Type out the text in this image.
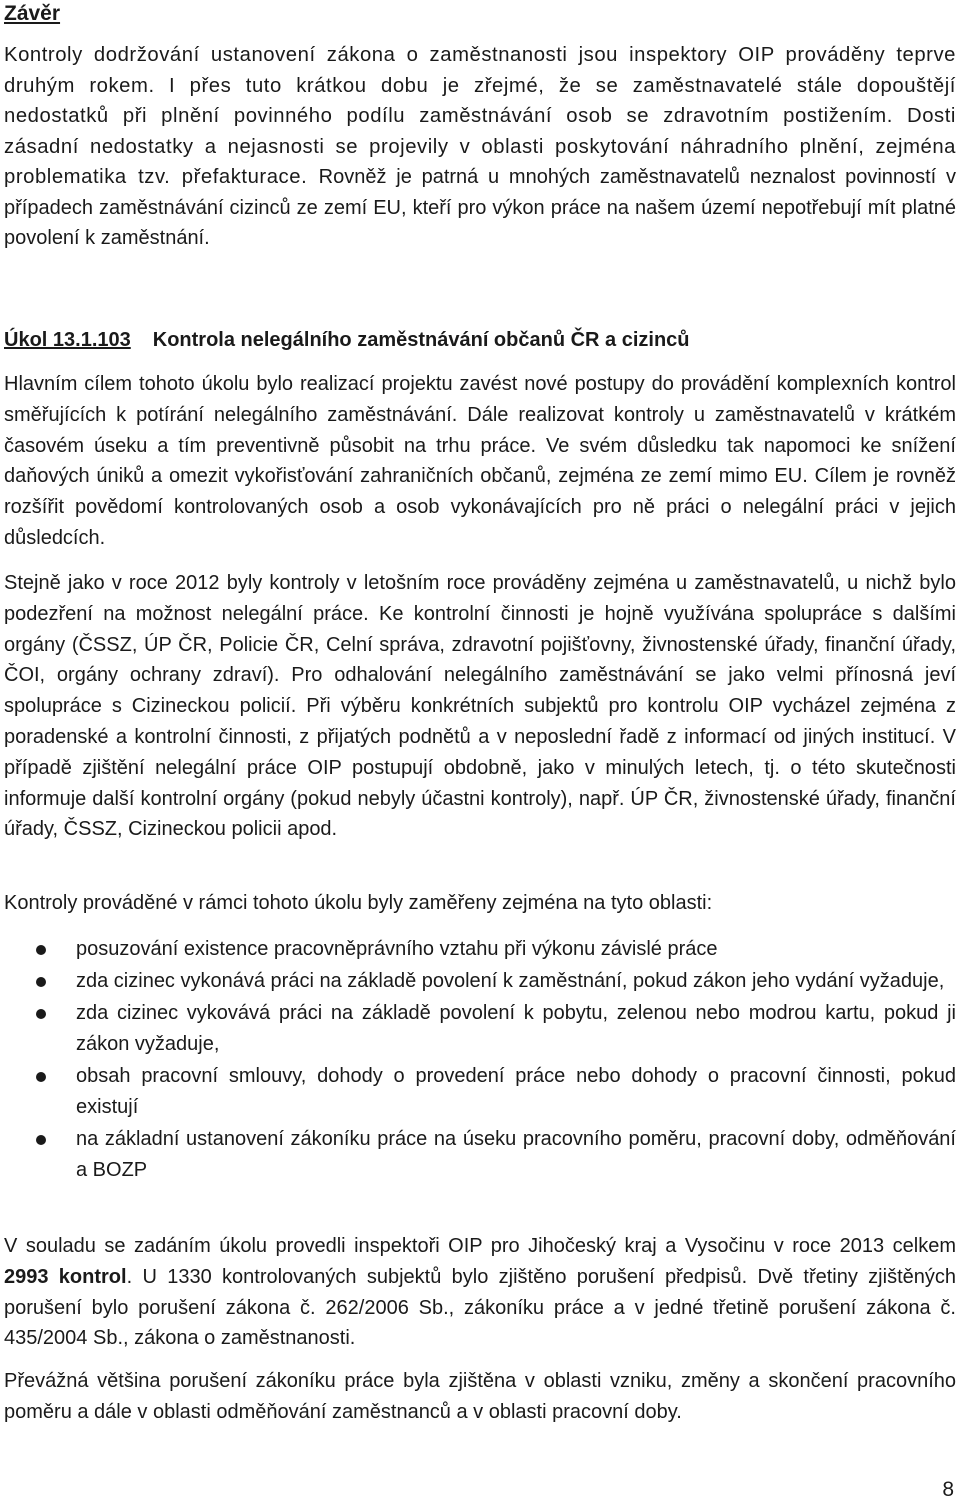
Závěr

Kontroly dodržování ustanovení zákona o zaměstnanosti jsou inspektory OIP prováděny teprve druhým rokem. I přes tuto krátkou dobu je zřejmé, že se zaměstnavatelé stále dopouštějí nedostatků při plnění povinného podílu zaměstnávání osob se zdravotním postižením. Dosti zásadní nedostatky a nejasnosti se projevily v oblasti poskytování náhradního plnění, zejména problematika tzv. přefakturace. Rovněž je patrná u mnohých zaměstnavatelů neznalost povinností v případech zaměstnávání cizinců ze zemí EU, kteří pro výkon práce na našem území nepotřebují mít platné povolení k zaměstnání.

Úkol 13.1.103 Kontrola nelegálního zaměstnávání občanů ČR a cizinců

Hlavním cílem tohoto úkolu bylo realizací projektu zavést nové postupy do provádění komplexních kontrol směřujících k potírání nelegálního zaměstnávání. Dále realizovat kontroly u zaměstnavatelů v krátkém časovém úseku a tím preventivně působit na trhu práce. Ve svém důsledku tak napomoci ke snížení daňových úniků a omezit vykořisťování zahraničních občanů, zejména ze zemí mimo EU. Cílem je rovněž rozšířit povědomí kontrolovaných osob a osob vykonávajících pro ně práci o nelegální práci v jejich důsledcích.

Stejně jako v roce 2012 byly kontroly v letošním roce prováděny zejména u zaměstnavatelů, u nichž bylo podezření na možnost nelegální práce. Ke kontrolní činnosti je hojně využívána spolupráce s dalšími orgány (ČSSZ, ÚP ČR, Policie ČR, Celní správa, zdravotní pojišťovny, živnostenské úřady, finanční úřady, ČOI, orgány ochrany zdraví). Pro odhalování nelegálního zaměstnávání se jako velmi přínosná jeví spolupráce s Cizineckou policií. Při výběru konkrétních subjektů pro kontrolu OIP vycházel zejména z poradenské a kontrolní činnosti, z přijatých podnětů a v neposlední řadě z informací od jiných institucí. V případě zjištění nelegální práce OIP postupují obdobně, jako v minulých letech, tj. o této skutečnosti informuje další kontrolní orgány (pokud nebyly účastni kontroly), např. ÚP ČR, živnostenské úřady, finanční úřady, ČSSZ, Cizineckou policii apod.

Kontroly prováděné v rámci tohoto úkolu byly zaměřeny zejména na tyto oblasti:

posuzování existence pracovněprávního vztahu při výkonu závislé práce
zda cizinec vykonává práci na základě povolení k zaměstnání, pokud zákon jeho vydání vyžaduje,
zda cizinec vykovává práci na základě povolení k pobytu, zelenou nebo modrou kartu, pokud ji zákon vyžaduje,
obsah pracovní smlouvy, dohody o provedení práce nebo dohody o pracovní činnosti, pokud existují
na základní ustanovení zákoníku práce na úseku pracovního poměru, pracovní doby, odměňování a BOZP

V souladu se zadáním úkolu provedli inspektoři OIP pro Jihočeský kraj a Vysočinu v roce 2013 celkem 2993 kontrol. U 1330 kontrolovaných subjektů bylo zjištěno porušení předpisů. Dvě třetiny zjištěných porušení bylo porušení zákona č. 262/2006 Sb., zákoníku práce a v jedné třetině porušení zákona č. 435/2004 Sb., zákona o zaměstnanosti.

Převážná většina porušení zákoníku práce byla zjištěna v oblasti vzniku, změny a skončení pracovního poměru a dále v oblasti odměňování zaměstnanců a v oblasti pracovní doby.

8
